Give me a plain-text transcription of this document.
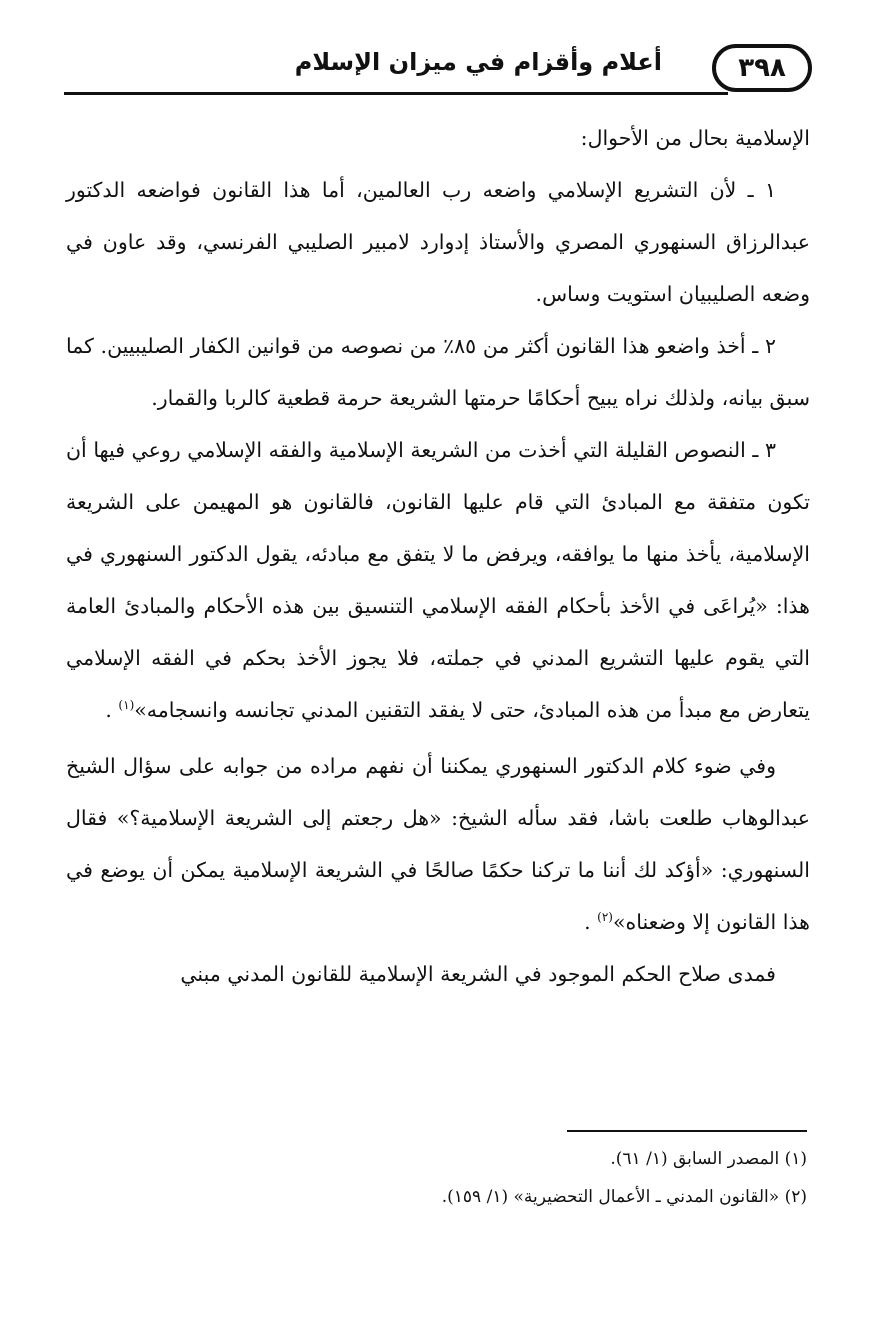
٣٩٨
أعلام وأقزام في ميزان الإسلام

الإسلامية بحال من الأحوال:

١ ـ لأن التشريع الإسلامي واضعه رب العالمين، أما هذا القانون فواضعه الدكتور عبدالرزاق السنهوري المصري والأستاذ إدوارد لامبير الصليبي الفرنسي، وقد عاون في وضعه الصليبيان استويت وساس.

٢ ـ أخذ واضعو هذا القانون أكثر من ٨٥٪ من نصوصه من قوانين الكفار الصليبيين. كما سبق بيانه، ولذلك نراه يبيح أحكامًا حرمتها الشريعة حرمة قطعية كالربا والقمار.

٣ ـ النصوص القليلة التي أخذت من الشريعة الإسلامية والفقه الإسلامي روعي فيها أن تكون متفقة مع المبادئ التي قام عليها القانون، فالقانون هو المهيمن على الشريعة الإسلامية، يأخذ منها ما يوافقه، ويرفض ما لا يتفق مع مبادئه، يقول الدكتور السنهوري في هذا: «يُراعَى في الأخذ بأحكام الفقه الإسلامي التنسيق بين هذه الأحكام والمبادئ العامة التي يقوم عليها التشريع المدني في جملته، فلا يجوز الأخذ بحكم في الفقه الإسلامي يتعارض مع مبدأ من هذه المبادئ، حتى لا يفقد التقنين المدني تجانسه وانسجامه»$^{(١)}$ .

وفي ضوء كلام الدكتور السنهوري يمكننا أن نفهم مراده من جوابه على سؤال الشيخ عبدالوهاب طلعت باشا، فقد سأله الشيخ: «هل رجعتم إلى الشريعة الإسلامية؟» فقال السنهوري: «أؤكد لك أننا ما تركنا حكمًا صالحًا في الشريعة الإسلامية يمكن أن يوضع في هذا القانون إلا وضعناه»$^{(٢)}$ .

فمدى صلاح الحكم الموجود في الشريعة الإسلامية للقانون المدني مبني

(١) المصدر السابق (١/ ٦١).

(٢) «القانون المدني ـ الأعمال التحضيرية» (١/ ١٥٩).
